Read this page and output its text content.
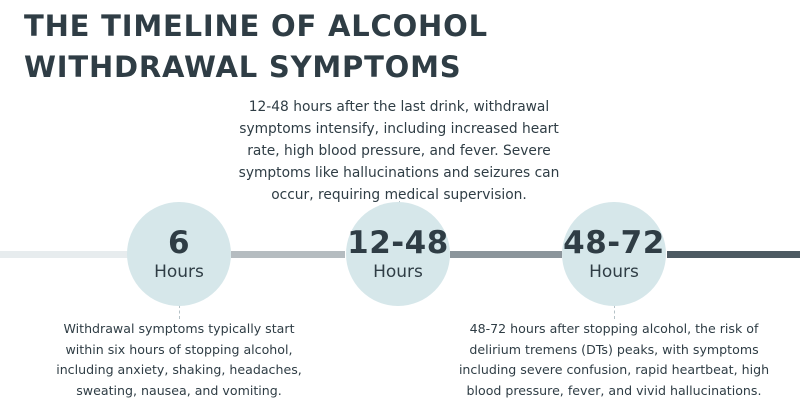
THE TIMELINE OF ALCOHOL
WITHDRAWAL SYMPTOMS
6
Hours
12-48
Hours
48-72
Hours
12-48 hours after the last drink, withdrawal
symptoms intensify, including increased heart
rate, high blood pressure, and fever. Severe
symptoms like hallucinations and seizures can
occur, requiring medical supervision.
Withdrawal symptoms typically start
within six hours of stopping alcohol,
including anxiety, shaking, headaches,
sweating, nausea, and vomiting.
48-72 hours after stopping alcohol, the risk of
delirium tremens (DTs) peaks, with symptoms
including severe confusion, rapid heartbeat, high
blood pressure, fever, and vivid hallucinations.
